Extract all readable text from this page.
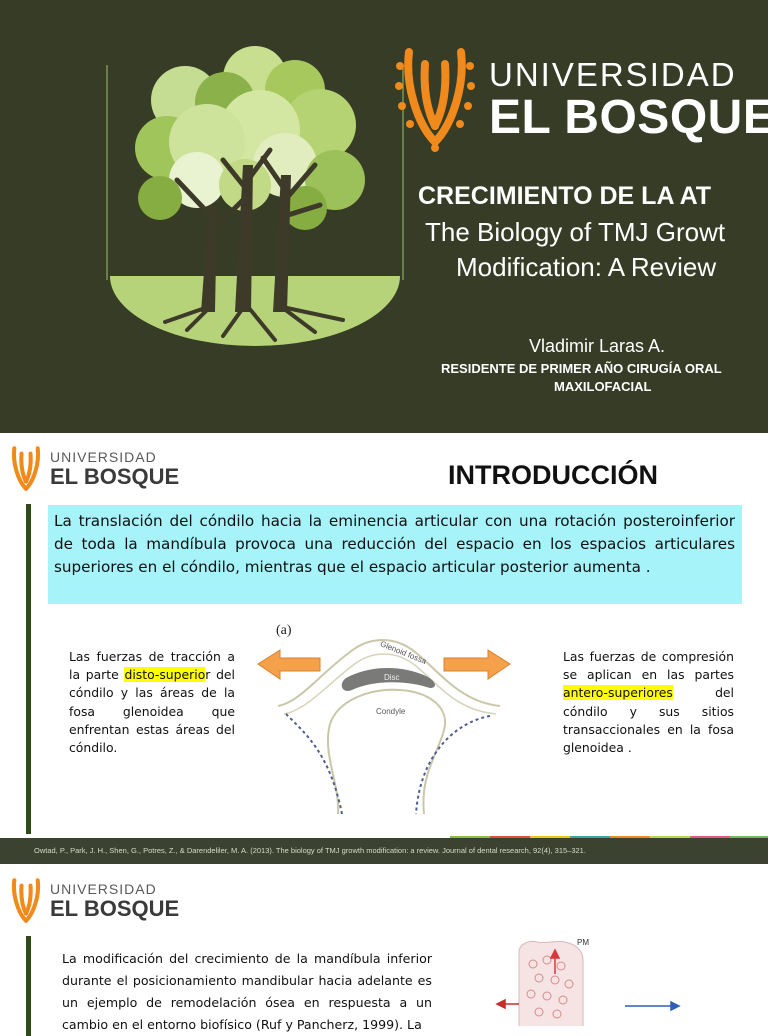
UNIVERSIDAD
EL BOSQUE
CRECIMIENTO DE LA AT
The Biology of TMJ Growt
Modification: A Review
Vladimir Laras A.
RESIDENTE DE PRIMER AÑO CIRUGÍA ORAL
MAXILOFACIAL
UNIVERSIDAD
EL BOSQUE	INTRODUCCIÓN

La translación del cóndilo hacia la eminencia articular con una rotación posteroinferior de toda la mandíbula provoca una reducción del espacio en los espacios articulares superiores en el cóndilo, mientras que el espacio articular posterior aumenta .

Las fuerzas de tracción a la parte disto-superior del cóndilo y las áreas de la fosa glenoidea que enfrentan estas áreas del cóndilo.
(a)
Glenoid fossa
Disc
Condyle
Las fuerzas de compresión se aplican en las partes antero-superiores del cóndilo y sus sitios transaccionales en la fosa glenoidea .
Owtad, P., Park, J. H., Shen, G., Potres, Z., & Darendeliler, M. A. (2013). The biology of TMJ growth modification: a review. Journal of dental research, 92(4), 315–321.
UNIVERSIDAD
EL BOSQUE
La modificación del crecimiento de la mandíbula inferior durante el posicionamiento mandibular hacia adelante es un ejemplo de remodelación ósea en respuesta a un cambio en el entorno biofísico (Ruf y Pancherz, 1999). La
PM
